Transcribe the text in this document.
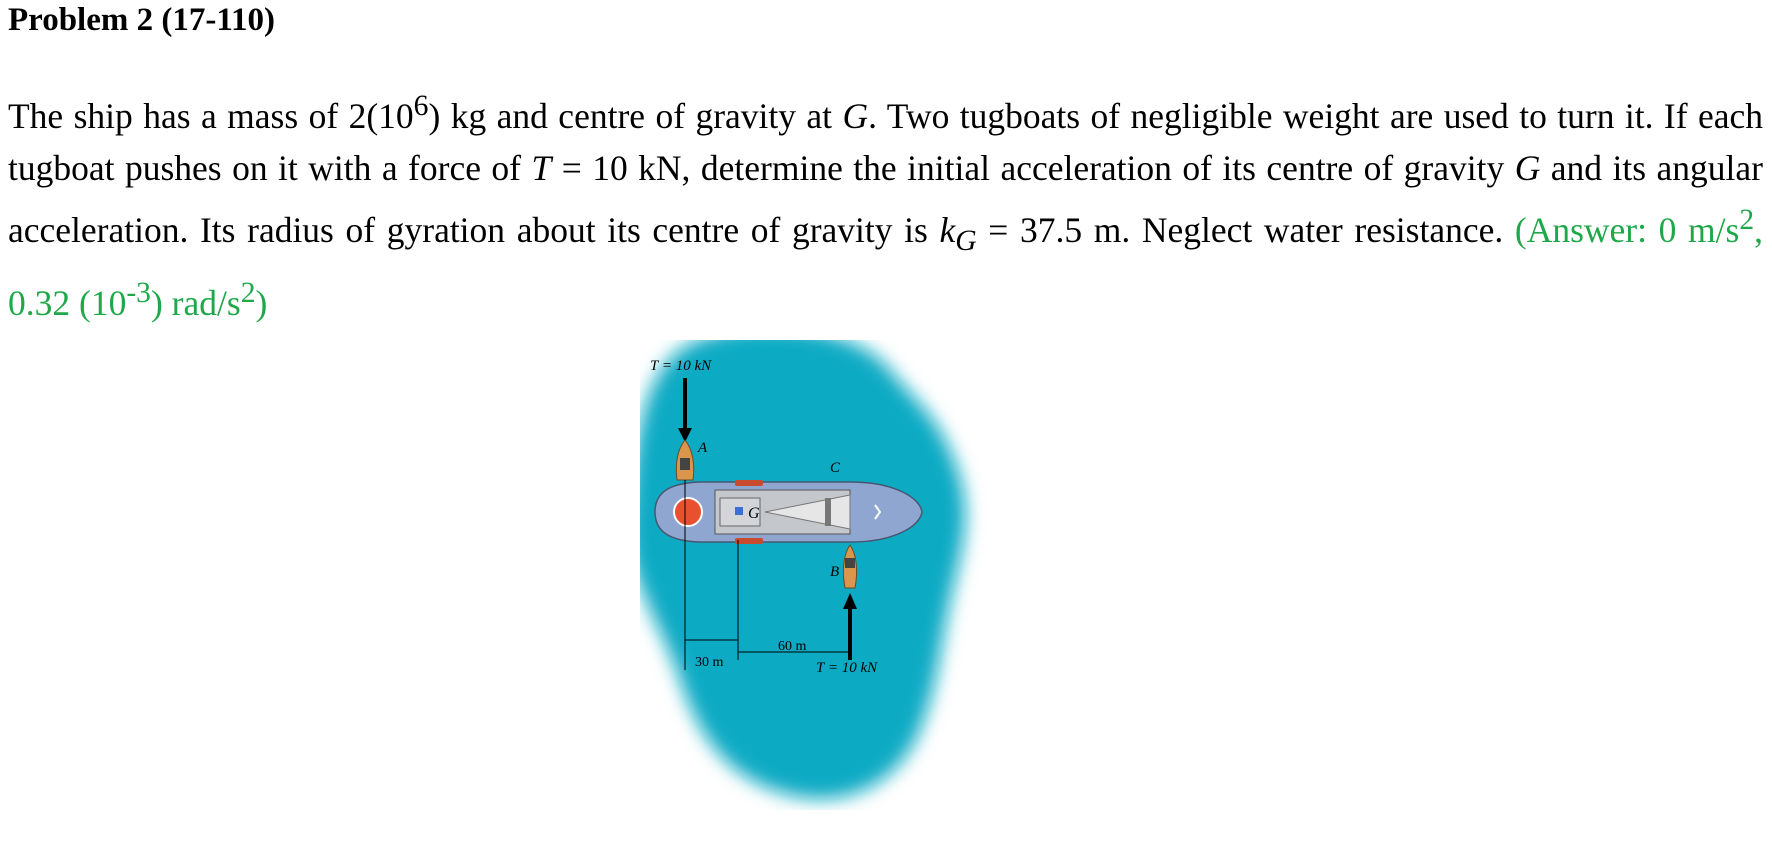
Problem 2 (17-110)
The ship has a mass of $2(10^6)$ kg and centre of gravity at G. Two tugboats of negligible weight are used to turn it. If each tugboat pushes on it with a force of T = 10 kN, determine the initial acceleration of its centre of gravity G and its angular acceleration. Its radius of gyration about its centre of gravity is $k_G = 37.5$ m. Neglect water resistance. (Answer: 0 $m/s^2$, 0.32 $(10^{-3})$ rad/$s^2$)
T = 10 kN
A
G
C
B
T = 10 kN
30 m
60 m
